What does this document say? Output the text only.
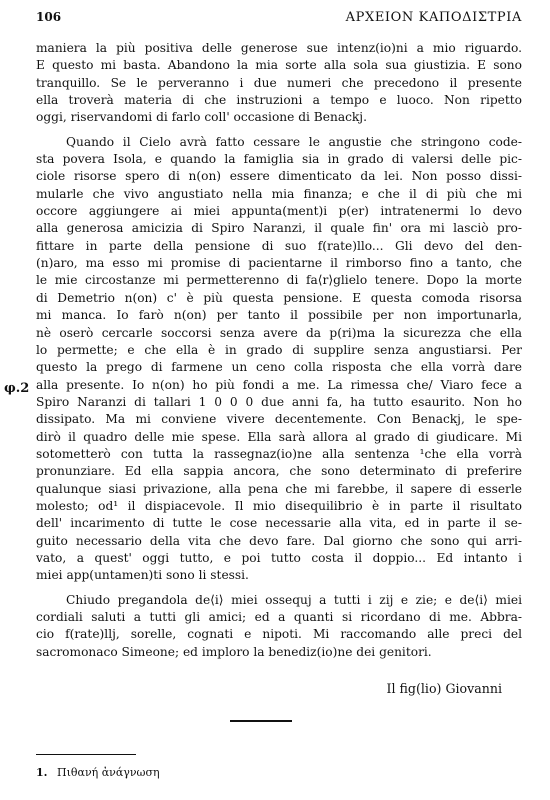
106	ΑΡΧΕΙΟΝ ΚΑΠΟΔΙΣΤΡΙΑ
maniera la più positiva delle generose sue intenz(io)ni a mio riguardo.
E questo mi basta. Abandono la mia sorte alla sola sua giustizia. E sono
tranquillo. Se le perveranno i due numeri che precedono il presente
ella troverà materia di che instruzioni a tempo e luoco. Non ripetto
oggi, riservandomi di farlo coll' occasione di Benackj.
Quando il Cielo avrà fatto cessare le angustie che stringono code-
sta povera Isola, e quando la famiglia sia in grado di valersi delle pic-
ciole risorse spero di n(on) essere dimenticato da lei. Non posso dissi-
mularle che vivo angustiato nella mia finanza; e che il di più che mi
occore aggiungere ai miei appunta(ment)i p(er) intratenermi lo devo
alla generosa amicizia di Spiro Naranzi, il quale fin' ora mi lasciò pro-
fittare in parte della pensione di suo f(rate)llo... Gli devo del den-
(n)aro, ma esso mi promise di pacientarne il rimborso fino a tanto, che
le mie circostanze mi permetterenno di fa⟨r⟩glielo tenere. Dopo la morte
di Demetrio n(on) c' è più questa pensione. E questa comoda risorsa
mi manca. Io farò n(on) per tanto il possibile per non importunarla,
nè oserò cercarle soccorsi senza avere da p(ri)ma la sicurezza che ella
lo permette; e che ella è in grado di supplire senza angustiarsi. Per
questo la prego di farmene un ceno colla risposta che ella vorrà dare
alla presente. Io n(on) ho più fondi a me. La rimessa che/ Viaro fece a
Spiro Naranzi di tallari 1 0 0 0 due anni fa, ha tutto esaurito. Non ho
dissipato. Ma mi conviene vivere decentemente. Con Benackj, le spe-
dirò il quadro delle mie spese. Ella sarà allora al grado di giudicare. Mi
sotometterò con tutta la rassegnaz(io)ne alla sentenza ¹che ella vorrà
pronunziare. Ed ella sappia ancora, che sono determinato di preferire
qualunque siasi privazione, alla pena che mi farebbe, il sapere di esserle
molesto; od¹ il dispiacevole. Il mio disequilibrio è in parte il risultato
dell' incarimento di tutte le cose necessarie alla vita, ed in parte il se-
guito necessario della vita che devo fare. Dal giorno che sono qui arri-
vato, a quest' oggi tutto, e poi tutto costa il doppio... Ed intanto i
miei app(untamen)ti sono li stessi.
Chiudo pregandola de⟨i⟩ miei ossequj a tutti i zij e zie; e de⟨i⟩ miei
cordiali saluti a tutti gli amici; ed a quanti si ricordano di me. Abbra-
cio f(rate)llj, sorelle, cognati e nipoti. Mi raccomando alle preci del
sacromonaco Simeone; ed imploro la benediz(io)ne dei genitori.
φ.2
Il fig(lio) Giovanni
1. Πιθανή ἀνάγνωση
